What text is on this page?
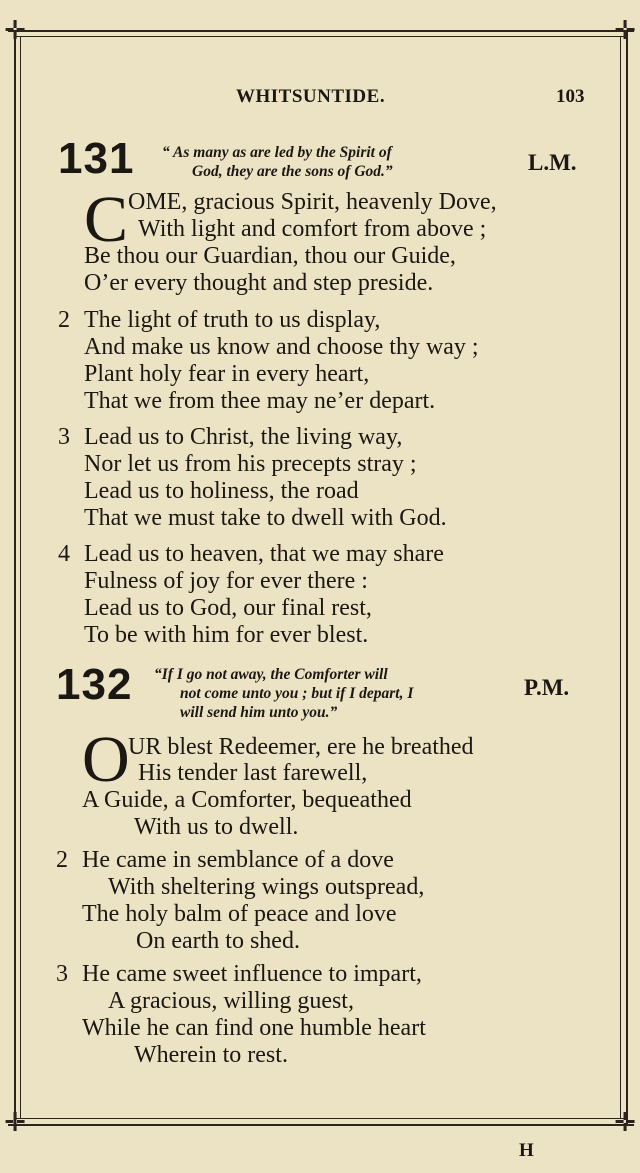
✛	✛
✛	✛
WHITSUNTIDE.	103
131 “ As many as are led by the Spirit of
God, they are the sons of God.”	L.M.
C OME, gracious Spirit, heavenly Dove,
With light and comfort from above ;
Be thou our Guardian, thou our Guide,
O’er every thought and step preside.
2 The light of truth to us display,
And make us know and choose thy way ;
Plant holy fear in every heart,
That we from thee may ne’er depart.
3 Lead us to Christ, the living way,
Nor let us from his precepts stray ;
Lead us to holiness, the road
That we must take to dwell with God.
4 Lead us to heaven, that we may share
Fulness of joy for ever there :
Lead us to God, our final rest,
To be with him for ever blest.
132 “If I go not away, the Comforter will
not come unto you ; but if I depart, I
will send him unto you.”
P.M.
O
UR blest Redeemer, ere he breathed
His tender last farewell,
A Guide, a Comforter, bequeathed
With us to dwell.
2 He came in semblance of a dove
With sheltering wings outspread,
The holy balm of peace and love
On earth to shed.
3 He came sweet influence to impart,
A gracious, willing guest,
While he can find one humble heart
Wherein to rest.
H
